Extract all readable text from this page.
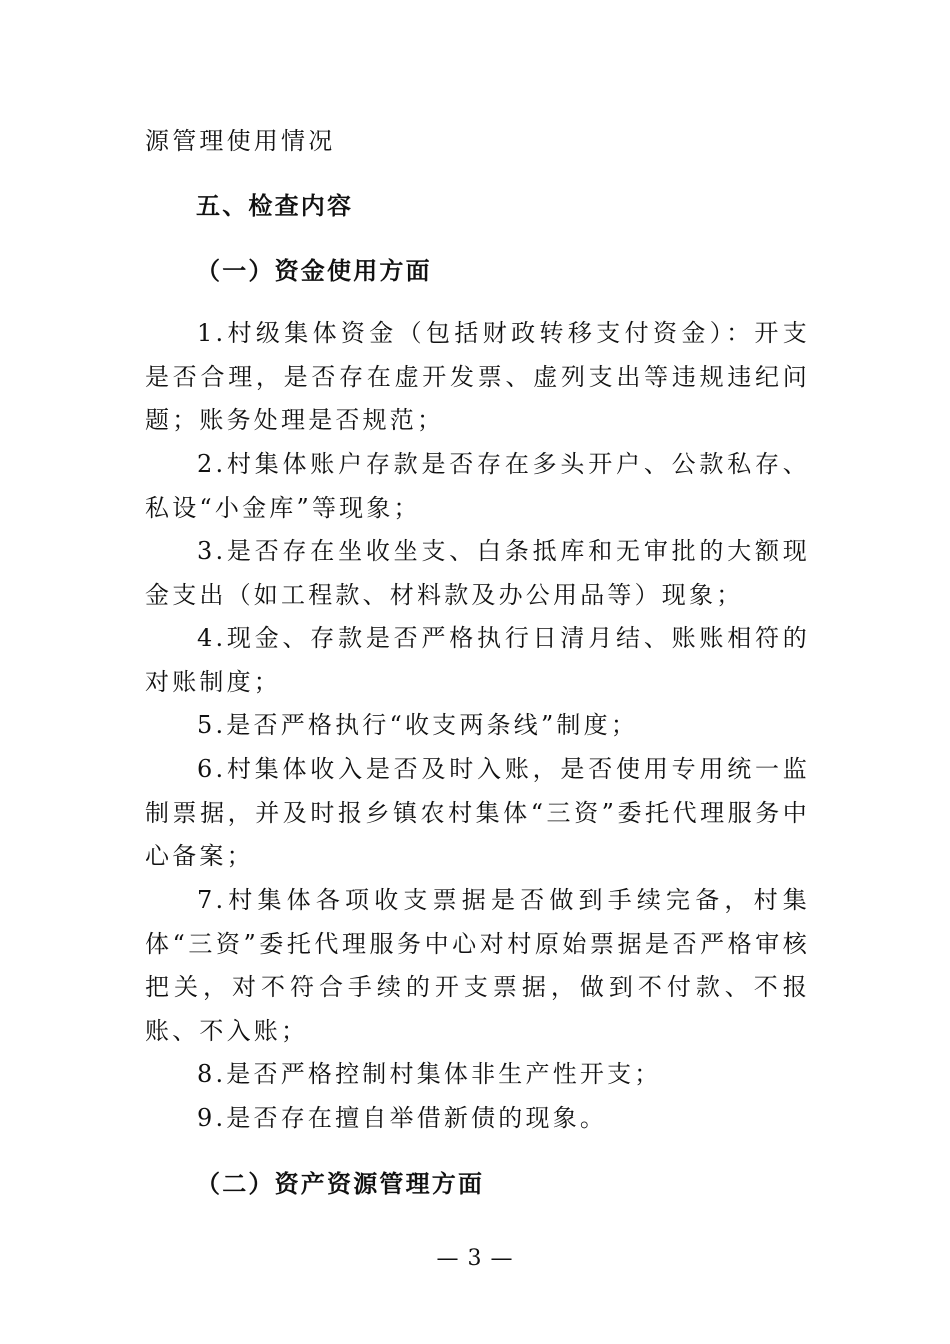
源管理使用情况
五、检查内容
（一）资金使用方面

1.村级集体资金（包括财政转移支付资金）：开支是否合理，是否存在虚开发票、虚列支出等违规违纪问题；账务处理是否规范；

2.村集体账户存款是否存在多头开户、公款私存、私设“小金库”等现象；

3.是否存在坐收坐支、白条抵库和无审批的大额现金支出（如工程款、材料款及办公用品等）现象；

4.现金、存款是否严格执行日清月结、账账相符的对账制度；

5.是否严格执行“收支两条线”制度；

6.村集体收入是否及时入账，是否使用专用统一监制票据，并及时报乡镇农村集体“三资”委托代理服务中心备案；

7.村集体各项收支票据是否做到手续完备，村集体“三资”委托代理服务中心对村原始票据是否严格审核把关，对不符合手续的开支票据，做到不付款、不报账、不入账；

8.是否严格控制村集体非生产性开支；

9.是否存在擅自举借新债的现象。

（二）资产资源管理方面
— 3 —
